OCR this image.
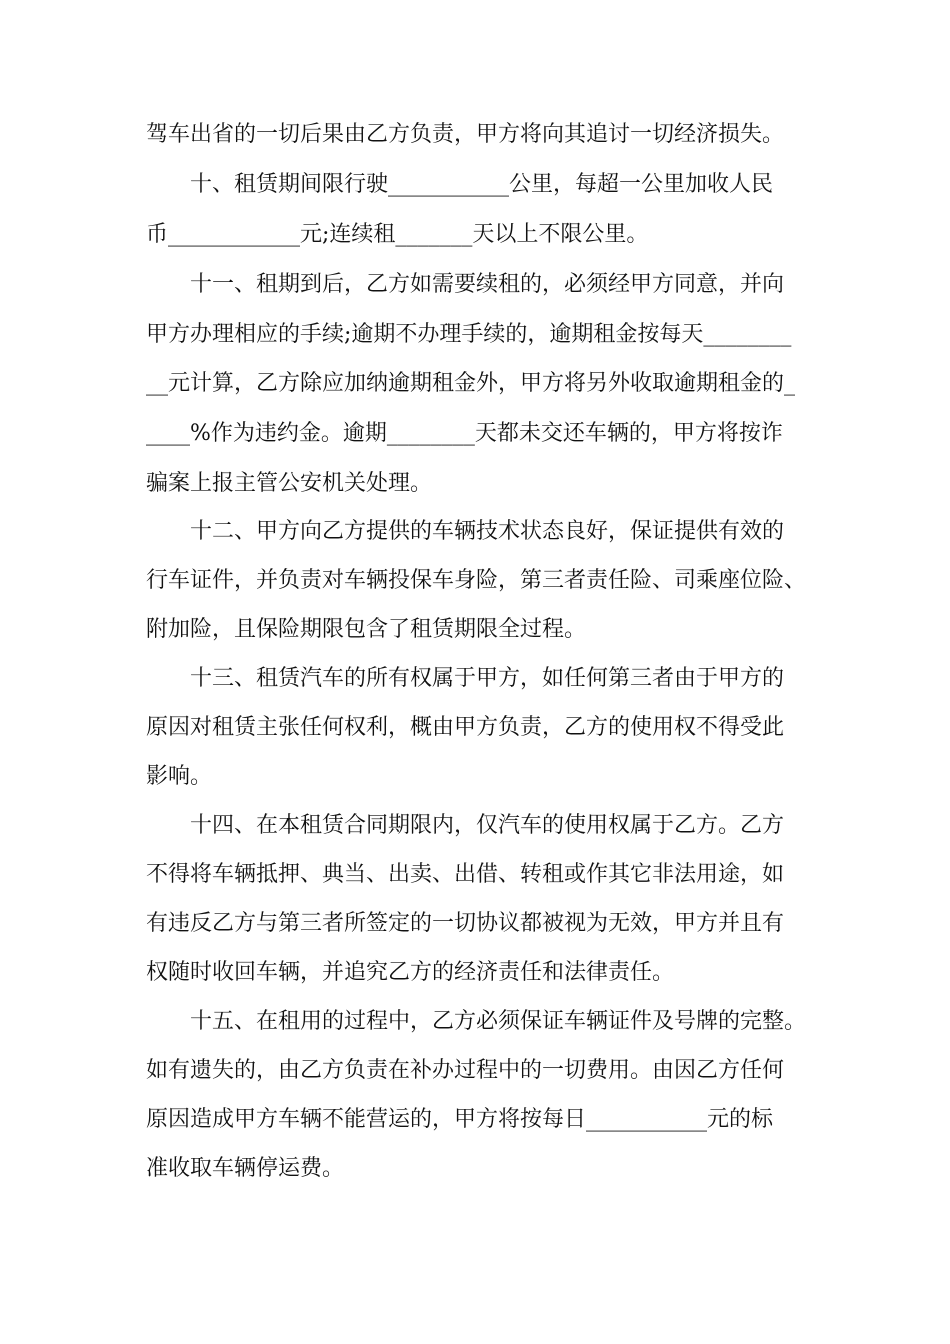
驾车出省的一切后果由乙方负责，甲方将向其追讨一切经济损失。
十、租赁期间限行驶___________公里，每超一公里加收人民
币____________元;连续租_______天以上不限公里。
十一、租期到后，乙方如需要续租的，必须经甲方同意，并向
甲方办理相应的手续;逾期不办理手续的，逾期租金按每天________
__元计算，乙方除应加纳逾期租金外，甲方将另外收取逾期租金的_
____%作为违约金。逾期________天都未交还车辆的，甲方将按诈
骗案上报主管公安机关处理。
十二、甲方向乙方提供的车辆技术状态良好，保证提供有效的
行车证件，并负责对车辆投保车身险，第三者责任险、司乘座位险、
附加险，且保险期限包含了租赁期限全过程。
十三、租赁汽车的所有权属于甲方，如任何第三者由于甲方的
原因对租赁主张任何权利，概由甲方负责，乙方的使用权不得受此
影响。
十四、在本租赁合同期限内，仅汽车的使用权属于乙方。乙方
不得将车辆抵押、典当、出卖、出借、转租或作其它非法用途，如
有违反乙方与第三者所签定的一切协议都被视为无效，甲方并且有
权随时收回车辆，并追究乙方的经济责任和法律责任。
十五、在租用的过程中，乙方必须保证车辆证件及号牌的完整。
如有遗失的，由乙方负责在补办过程中的一切费用。由因乙方任何
原因造成甲方车辆不能营运的，甲方将按每日___________元的标
准收取车辆停运费。
